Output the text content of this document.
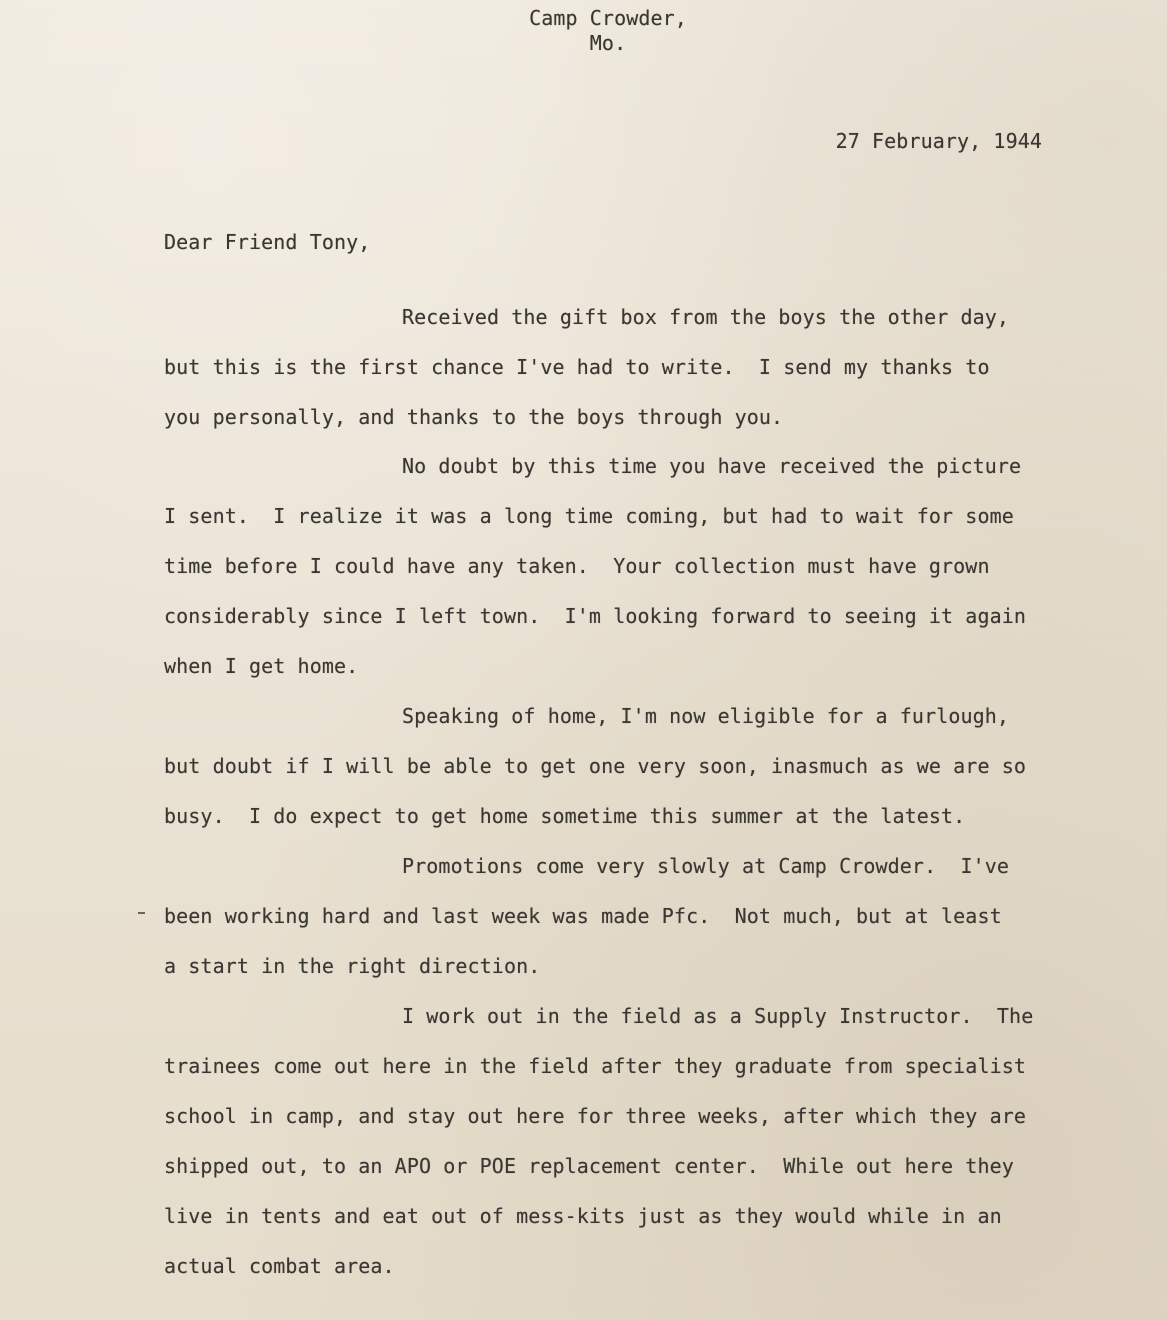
Camp Crowder,
Mo.
27 February, 1944
Dear Friend Tony,
Received the gift box from the boys the other day,
but this is the first chance I've had to write.  I send my thanks to
you personally, and thanks to the boys through you.
No doubt by this time you have received the picture
I sent.  I realize it was a long time coming, but had to wait for some
time before I could have any taken.  Your collection must have grown
considerably since I left town.  I'm looking forward to seeing it again
when I get home.
Speaking of home, I'm now eligible for a furlough,
but doubt if I will be able to get one very soon, inasmuch as we are so
busy.  I do expect to get home sometime this summer at the latest.
Promotions come very slowly at Camp Crowder.  I've
been working hard and last week was made Pfc.  Not much, but at least
a start in the right direction.
I work out in the field as a Supply Instructor.  The
trainees come out here in the field after they graduate from specialist
school in camp, and stay out here for three weeks, after which they are
shipped out, to an APO or POE replacement center.  While out here they
live in tents and eat out of mess-kits just as they would while in an
actual combat area.
